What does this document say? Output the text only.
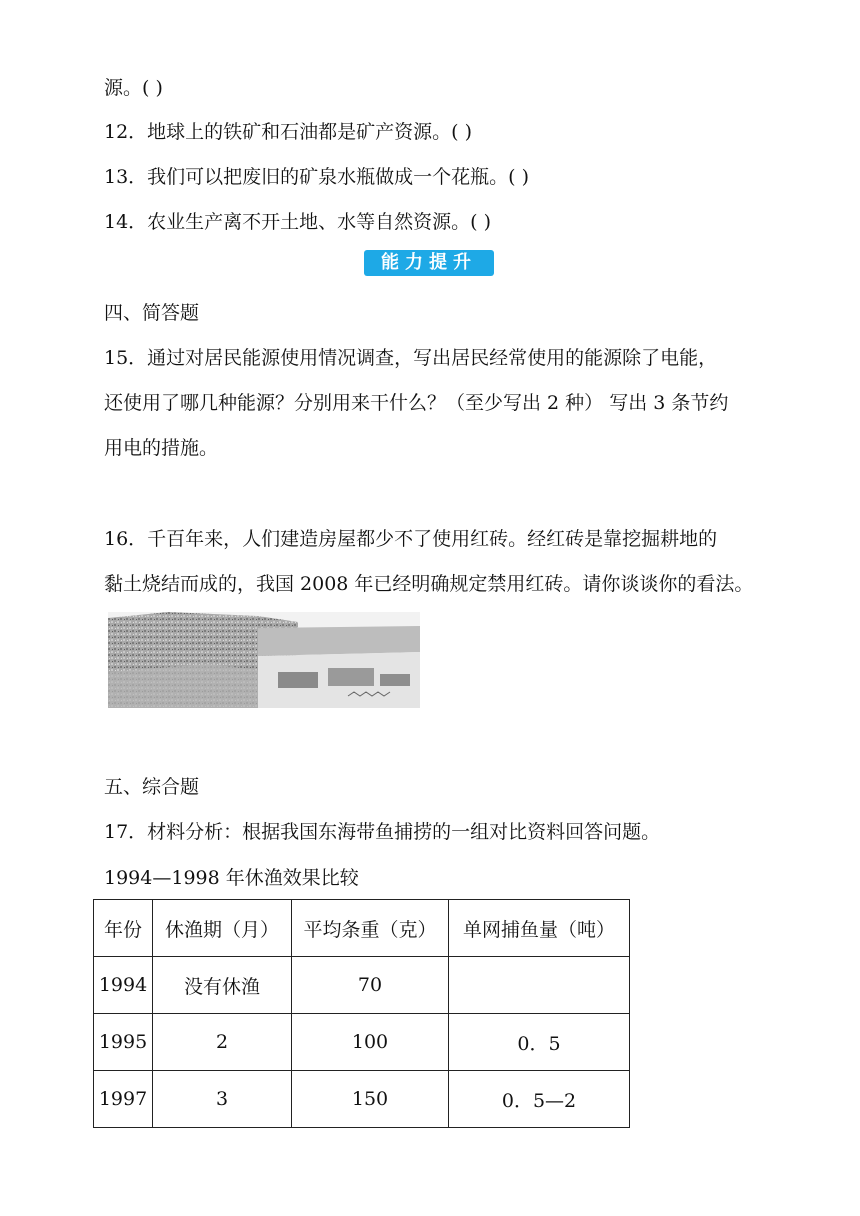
源。( )
12．地球上的铁矿和石油都是矿产资源。( )
13．我们可以把废旧的矿泉水瓶做成一个花瓶。( )
14．农业生产离不开土地、水等自然资源。( )
能力提升
四、简答题
15．通过对居民能源使用情况调查，写出居民经常使用的能源除了电能，
还使用了哪几种能源？分别用来干什么？（至少写出 2 种） 写出 3 条节约
用电的措施。
16．千百年来，人们建造房屋都少不了使用红砖。经红砖是靠挖掘耕地的
黏土烧结而成的，我国 2008 年已经明确规定禁用红砖。请你谈谈你的看法。
五、综合题
17．材料分析：根据我国东海带鱼捕捞的一组对比资料回答问题。
1994—1998 年休渔效果比较
年份	休渔期（月）	平均条重（克）	单网捕鱼量（吨）
1994	没有休渔	70	
1995	2	100	0．5
1997	3	150	0．5—2
